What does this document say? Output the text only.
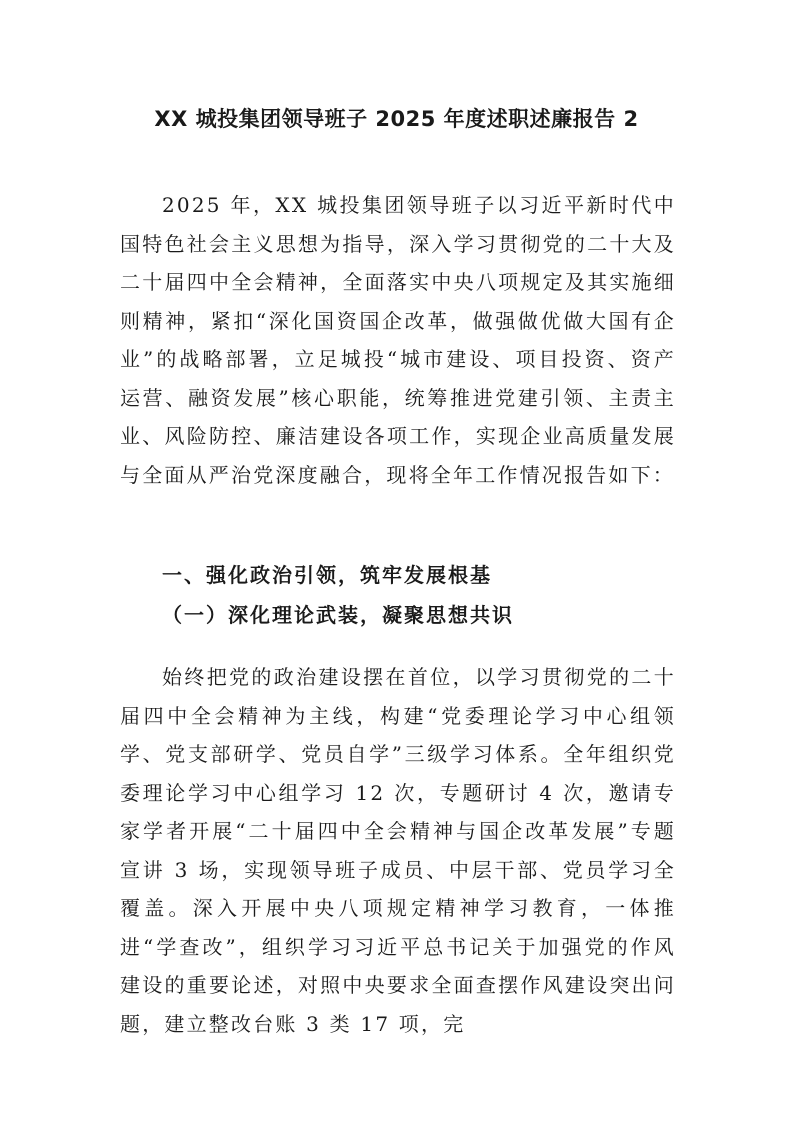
XX 城投集团领导班子 2025 年度述职述廉报告 2

2025 年，XX 城投集团领导班子以习近平新时代中国特色社会主义思想为指导，深入学习贯彻党的二十大及二十届四中全会精神，全面落实中央八项规定及其实施细则精神，紧扣“深化国资国企改革，做强做优做大国有企业”的战略部署，立足城投“城市建设、项目投资、资产运营、融资发展”核心职能，统筹推进党建引领、主责主业、风险防控、廉洁建设各项工作，实现企业高质量发展与全面从严治党深度融合，现将全年工作情况报告如下：

一、强化政治引领，筑牢发展根基
（一）深化理论武装，凝聚思想共识

始终把党的政治建设摆在首位，以学习贯彻党的二十届四中全会精神为主线，构建“党委理论学习中心组领学、党支部研学、党员自学”三级学习体系。全年组织党委理论学习中心组学习 12 次，专题研讨 4 次，邀请专家学者开展“二十届四中全会精神与国企改革发展”专题宣讲 3 场，实现领导班子成员、中层干部、党员学习全覆盖。深入开展中央八项规定精神学习教育，一体推进“学查改”，组织学习习近平总书记关于加强党的作风建设的重要论述，对照中央要求全面查摆作风建设突出问题，建立整改台账 3 类 17 项，完
